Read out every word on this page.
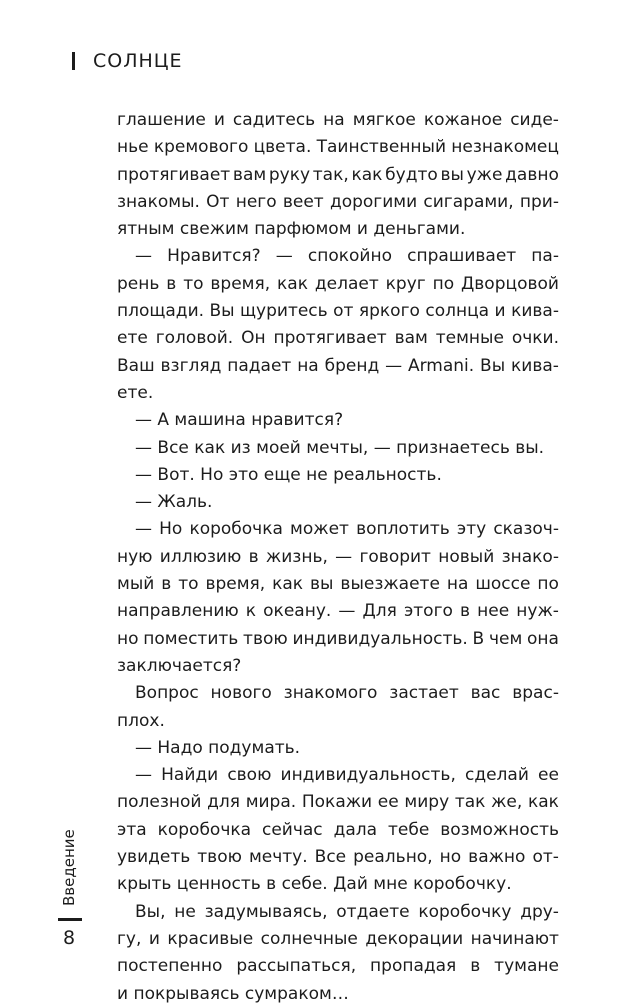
СОЛНЦЕ
глашение и садитесь на мягкое кожаное сиде-
нье кремового цвета. Таинственный незнакомец
протягивает вам руку так, как будто вы уже давно
знакомы. От него веет дорогими сигарами, при-
ятным свежим парфюмом и деньгами.
— Нравится? — спокойно спрашивает па-
рень в то время, как делает круг по Дворцовой
площади. Вы щуритесь от яркого солнца и кива-
ете головой. Он протягивает вам темные очки.
Ваш взгляд падает на бренд — Armani. Вы кива-
ете.
— А машина нравится?
— Все как из моей мечты, — признаетесь вы.
— Вот. Но это еще не реальность.
— Жаль.
— Но коробочка может воплотить эту сказоч-
ную иллюзию в жизнь, — говорит новый знако-
мый в то время, как вы выезжаете на шоссе по
направлению к океану. — Для этого в нее нуж-
но поместить твою индивидуальность. В чем она
заключается?
Вопрос нового знакомого застает вас врас-
плох.
— Надо подумать.
— Найди свою индивидуальность, сделай ее
полезной для мира. Покажи ее миру так же, как
эта коробочка сейчас дала тебе возможность
увидеть твою мечту. Все реально, но важно от-
крыть ценность в себе. Дай мне коробочку.
Вы, не задумываясь, отдаете коробочку дру-
гу, и красивые солнечные декорации начинают
постепенно рассыпаться, пропадая в тумане
и покрываясь сумраком…
Введение
8
